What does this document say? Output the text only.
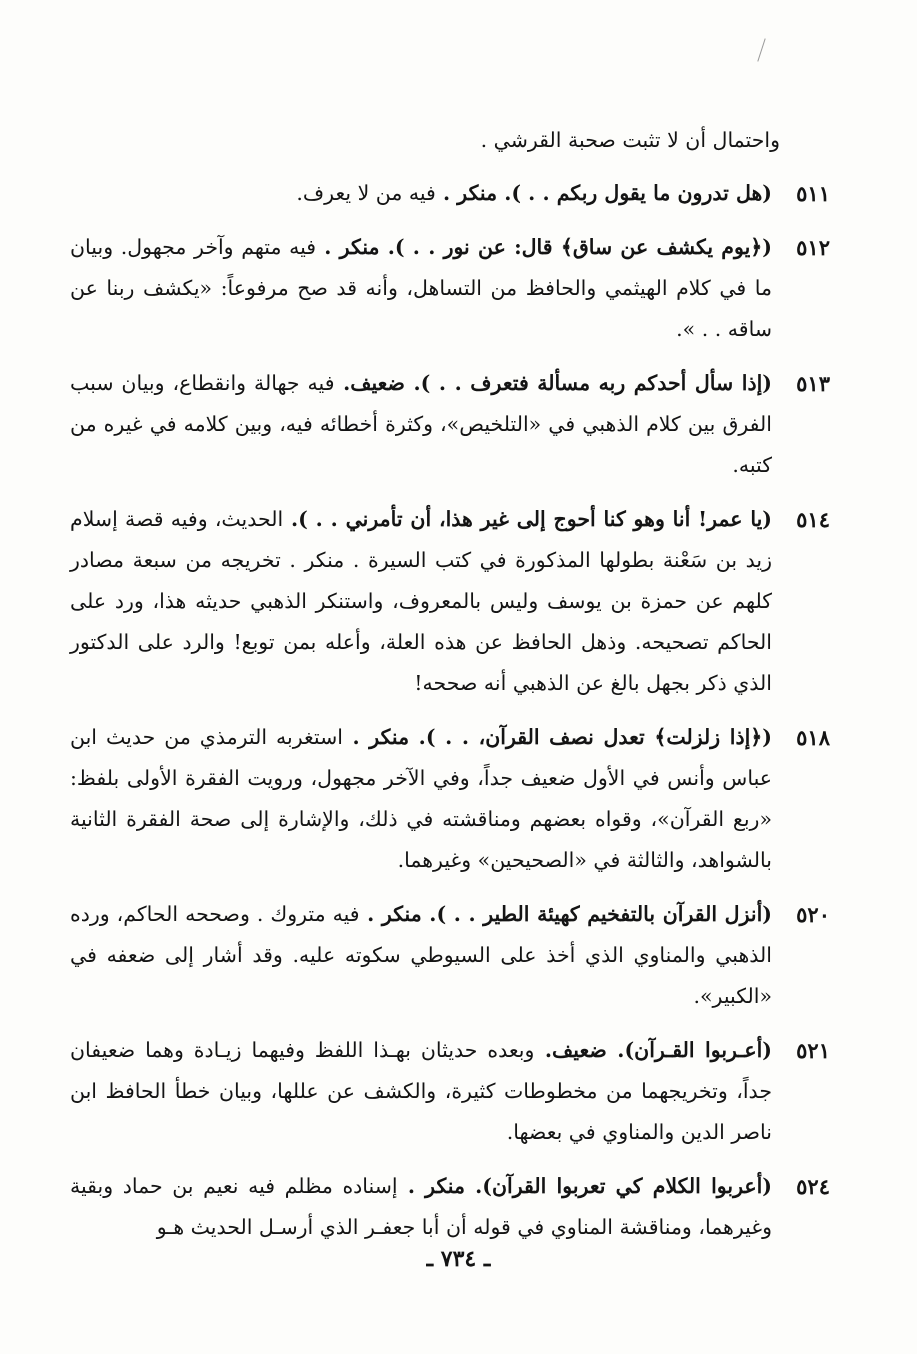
واحتمال أن لا تثبت صحبة القرشي .

٥١١
(هل تدرون ما يقول ربكم . . ). منكر . فيه من لا يعرف.
٥١٢
(﴿يوم يكشف عن ساق﴾ قال: عن نور . . ). منكر . فيه متهم وآخر مجهول. وبيان ما في كلام الهيثمي والحافظ من التساهل، وأنه قد صح مرفوعاً: «يكشف ربنا عن ساقه . . ».
٥١٣
(إذا سأل أحدكم ربه مسألة فتعرف . . ). ضعيف. فيه جهالة وانقطاع، وبيان سبب الفرق بين كلام الذهبي في «التلخيص»، وكثرة أخطائه فيه، وبين كلامه في غيره من كتبه.
٥١٤
(يا عمر! أنا وهو كنا أحوج إلى غير هذا، أن تأمرني . . ). الحديث، وفيه قصة إسلام زيد بن سَعْنة بطولها المذكورة في كتب السيرة . منكر . تخريجه من سبعة مصادر كلهم عن حمزة بن يوسف وليس بالمعروف، واستنكر الذهبي حديثه هذا، ورد على الحاكم تصحيحه. وذهل الحافظ عن هذه العلة، وأعله بمن توبع! والرد على الدكتور الذي ذكر بجهل بالغ عن الذهبي أنه صححه!
٥١٨
(﴿إذا زلزلت﴾ تعدل نصف القرآن، . . ). منكر . استغربه الترمذي من حديث ابن عباس وأنس في الأول ضعيف جداً، وفي الآخر مجهول، ورويت الفقرة الأولى بلفظ: «ربع القرآن»، وقواه بعضهم ومناقشته في ذلك، والإشارة إلى صحة الفقرة الثانية بالشواهد، والثالثة في «الصحيحين» وغيرهما.
٥٢٠
(أنزل القرآن بالتفخيم كهيئة الطير . . ). منكر . فيه متروك . وصححه الحاكم، ورده الذهبي والمناوي الذي أخذ على السيوطي سكوته عليه. وقد أشار إلى ضعفه في «الكبير».
٥٢١
(أعـربوا القـرآن). ضعيف. وبعده حديثان بهـذا اللفظ وفيهما زيـادة وهما ضعيفان جداً، وتخريجهما من مخطوطات كثيرة، والكشف عن عللها، وبيان خطأ الحافظ ابن ناصر الدين والمناوي في بعضها.
٥٢٤
(أعربوا الكلام كي تعربوا القرآن). منكر . إسناده مظلم فيه نعيم بن حماد وبقية وغيرهما، ومناقشة المناوي في قوله أن أبا جعفـر الذي أرسـل الحديث هـو
ـ ٧٣٤ ـ
